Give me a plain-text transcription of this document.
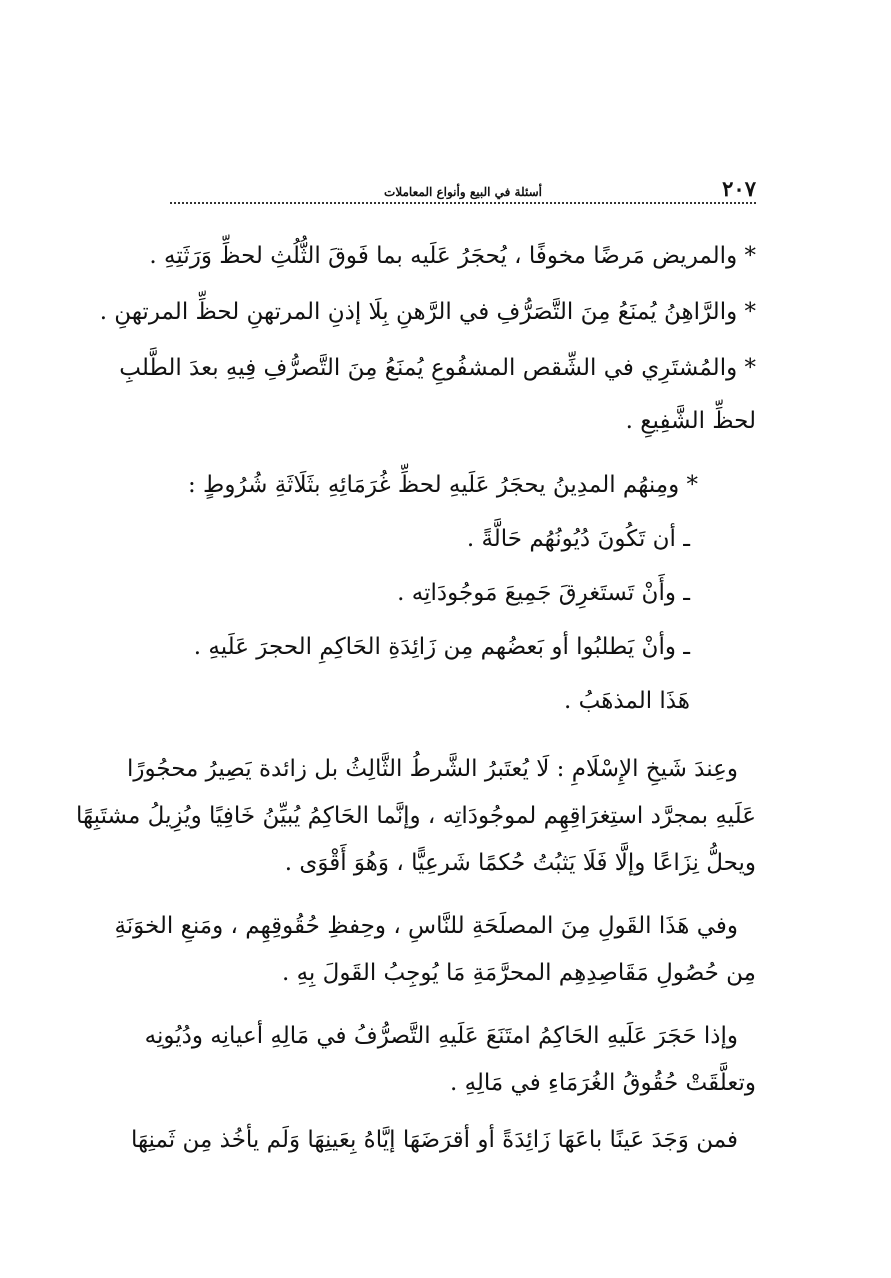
٢٠٧
أسئلة في البيع وأنواع المعاملات
* والمريض مَرضًا مخوفًا ، يُحجَرُ عَلَيه بما فَوقَ الثُّلُثِ لحظِّ وَرَثَتِهِ .
* والرَّاهِنُ يُمنَعُ مِنَ التَّصَرُّفِ في الرَّهنِ بِلَا إذنِ المرتهنِ لحظِّ المرتهنِ .
* والمُشتَرِي في الشِّقص المشفُوعِ يُمنَعُ مِنَ التَّصرُّفِ فِيهِ بعدَ الطَّلبِ
لحظِّ الشَّفِيعِ .
* ومِنهُم المدِينُ يحجَرُ عَلَيهِ لحظِّ غُرَمَائِهِ بثَلَاثَةِ شُرُوطٍ :
ـ أن تَكُونَ دُيُونُهُم حَالَّةً .
ـ وأَنْ تَستَغرِقَ جَمِيعَ مَوجُودَاتِه .
ـ وأنْ يَطلبُوا أو بَعضُهم مِن زَائِدَةِ الحَاكِمِ الحجرَ عَلَيهِ .
هَذَا المذهَبُ .
وعِندَ شَيخِ الإِسْلَامِ : لَا يُعتَبرُ الشَّرطُ الثَّالِثُ بل زائدة يَصِيرُ محجُورًا
عَلَيهِ بمجرَّد استِغرَاقِهِم لموجُودَاتِه ، وإنَّما الحَاكِمُ يُبيِّنُ خَافِيًا ويُزِيلُ مشتَبِهًا
ويحلُّ نِزَاعًا وإلَّا فَلَا يَثبُتُ حُكمًا شَرعِيًّا ، وَهُوَ أَقْوَى .
وفي هَذَا القَولِ مِنَ المصلَحَةِ للنَّاسِ ، وحِفظِ حُقُوقِهِم ، ومَنعِ الخوَنَةِ
مِن حُصُولِ مَقَاصِدِهِم المحرَّمَةِ مَا يُوجِبُ القَولَ بِهِ .
وإذا حَجَرَ عَلَيهِ الحَاكِمُ امتَنَعَ عَلَيهِ التَّصرُّفُ في مَالِهِ أعيانِه ودُيُونِه
وتعلَّقَتْ حُقُوقُ الغُرَمَاءِ في مَالِهِ .
فمن وَجَدَ عَينًا باعَهَا زَائِدَةً أو أقرَضَهَا إيَّاهُ بِعَينِهَا وَلَم يأخُذ مِن ثَمنِهَا
